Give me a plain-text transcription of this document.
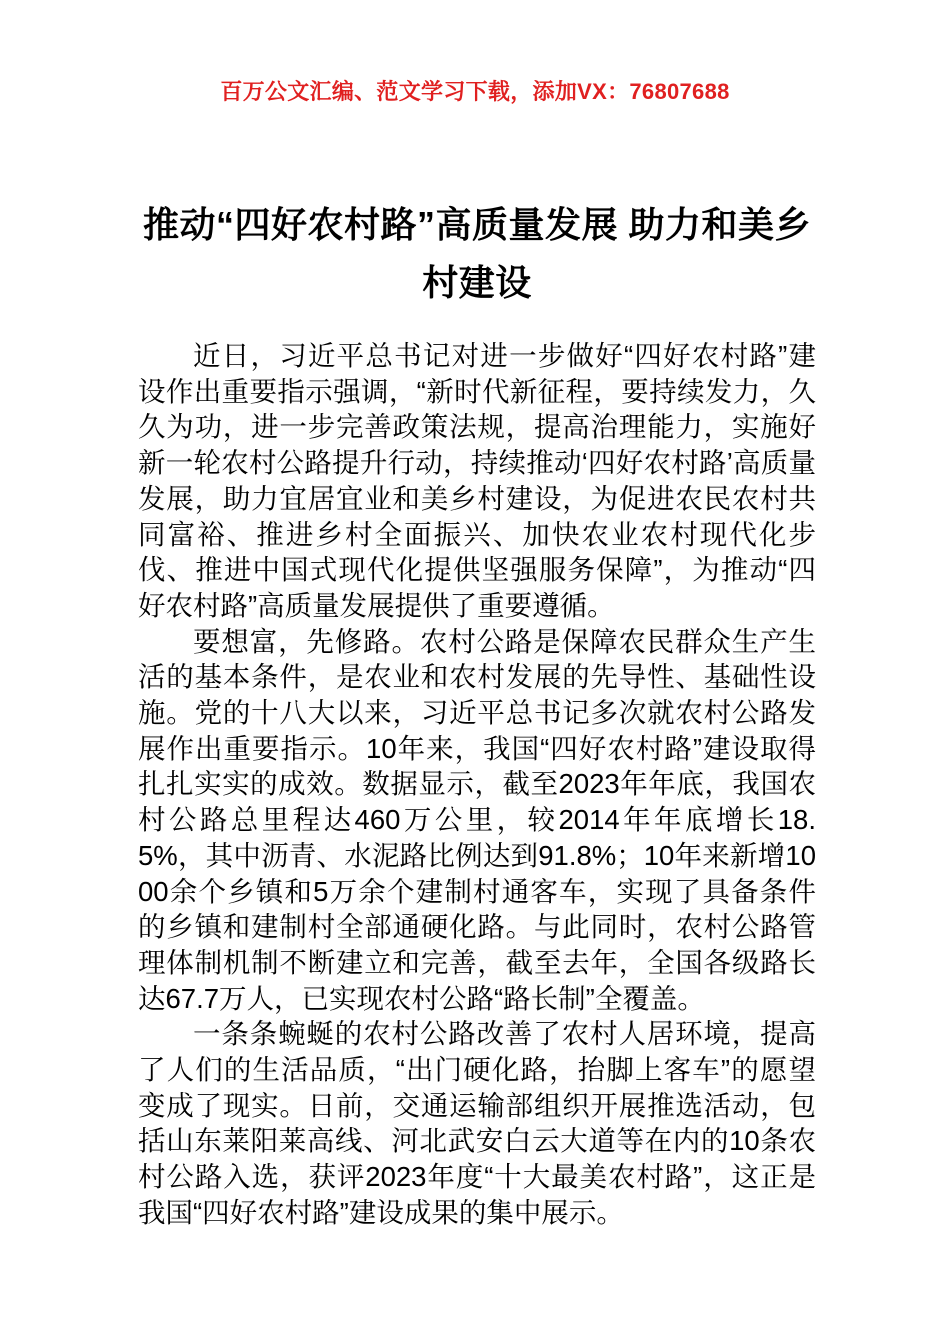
百万公文汇编、范文学习下载，添加VX：76807688
推动“四好农村路”高质量发展 助力和美乡村建设

近日，习近平总书记对进一步做好“四好农村路”建设作出重要指示强调，“新时代新征程，要持续发力，久久为功，进一步完善政策法规，提高治理能力，实施好新一轮农村公路提升行动，持续推动‘四好农村路’高质量发展，助力宜居宜业和美乡村建设，为促进农民农村共同富裕、推进乡村全面振兴、加快农业农村现代化步伐、推进中国式现代化提供坚强服务保障”，为推动“四好农村路”高质量发展提供了重要遵循。

要想富，先修路。农村公路是保障农民群众生产生活的基本条件，是农业和农村发展的先导性、基础性设施。党的十八大以来，习近平总书记多次就农村公路发展作出重要指示。10年来，我国“四好农村路”建设取得扎扎实实的成效。数据显示，截至2023年年底，我国农村公路总里程达460万公里，较2014年年底增长18.5%，其中沥青、水泥路比例达到91.8%；10年来新增1000余个乡镇和5万余个建制村通客车，实现了具备条件的乡镇和建制村全部通硬化路。与此同时，农村公路管理体制机制不断建立和完善，截至去年，全国各级路长达67.7万人，已实现农村公路“路长制”全覆盖。

一条条蜿蜒的农村公路改善了农村人居环境，提高了人们的生活品质，“出门硬化路，抬脚上客车”的愿望变成了现实。日前，交通运输部组织开展推选活动，包括山东莱阳莱高线、河北武安白云大道等在内的10条农村公路入选，获评2023年度“十大最美农村路”，这正是我国“四好农村路”建设成果的集中展示。
